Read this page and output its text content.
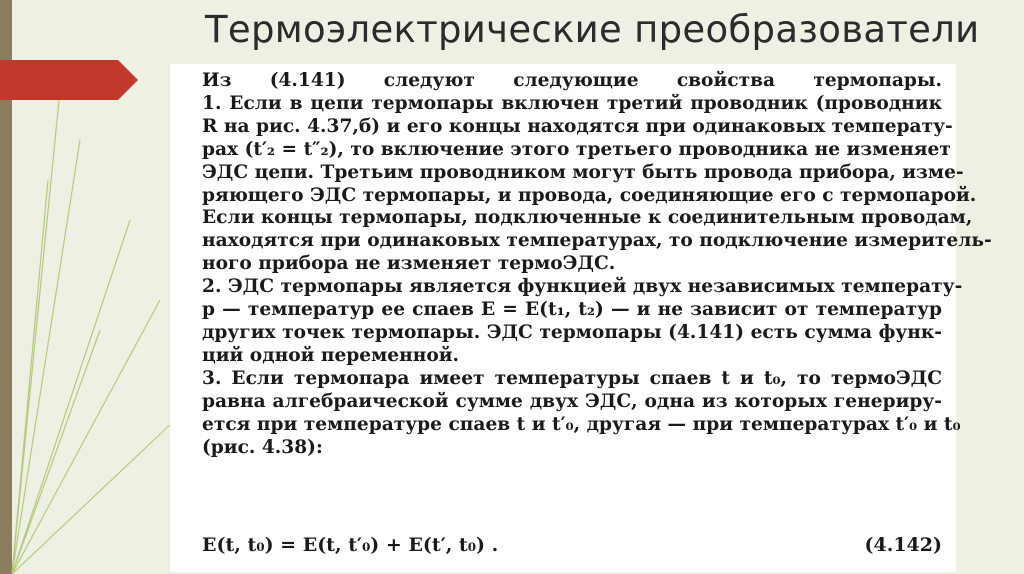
Термоэлектрические преобразователи
Из (4.141) следуют следующие свойства термопары.
1. Если в цепи термопары включен третий проводник (проводник
R на рис. 4.37,б) и его концы находятся при одинаковых температу-
рах (t′₂ = t″₂), то включение этого третьего проводника не изменяет
ЭДС цепи. Третьим проводником могут быть провода прибора, изме-
ряющего ЭДС термопары, и провода, соединяющие его с термопарой.
Если концы термопары, подключенные к соединительным проводам,
находятся при одинаковых температурах, то подключение измеритель-
ного прибора не изменяет термоЭДС.
2. ЭДС термопары является функцией двух независимых температу-
р — температур ее спаев E = E(t₁, t₂) — и не зависит от температур
других точек термопары. ЭДС термопары (4.141) есть сумма функ-
ций одной переменной.
3. Если термопара имеет температуры спаев t и t₀, то термоЭДС
равна алгебраической сумме двух ЭДС, одна из которых генериру-
ется при температуре спаев t и t′₀, другая — при температурах t′₀ и t₀
(рис. 4.38):
E(t, t₀) = E(t, t′₀) + E(t′, t₀) .	(4.142)
